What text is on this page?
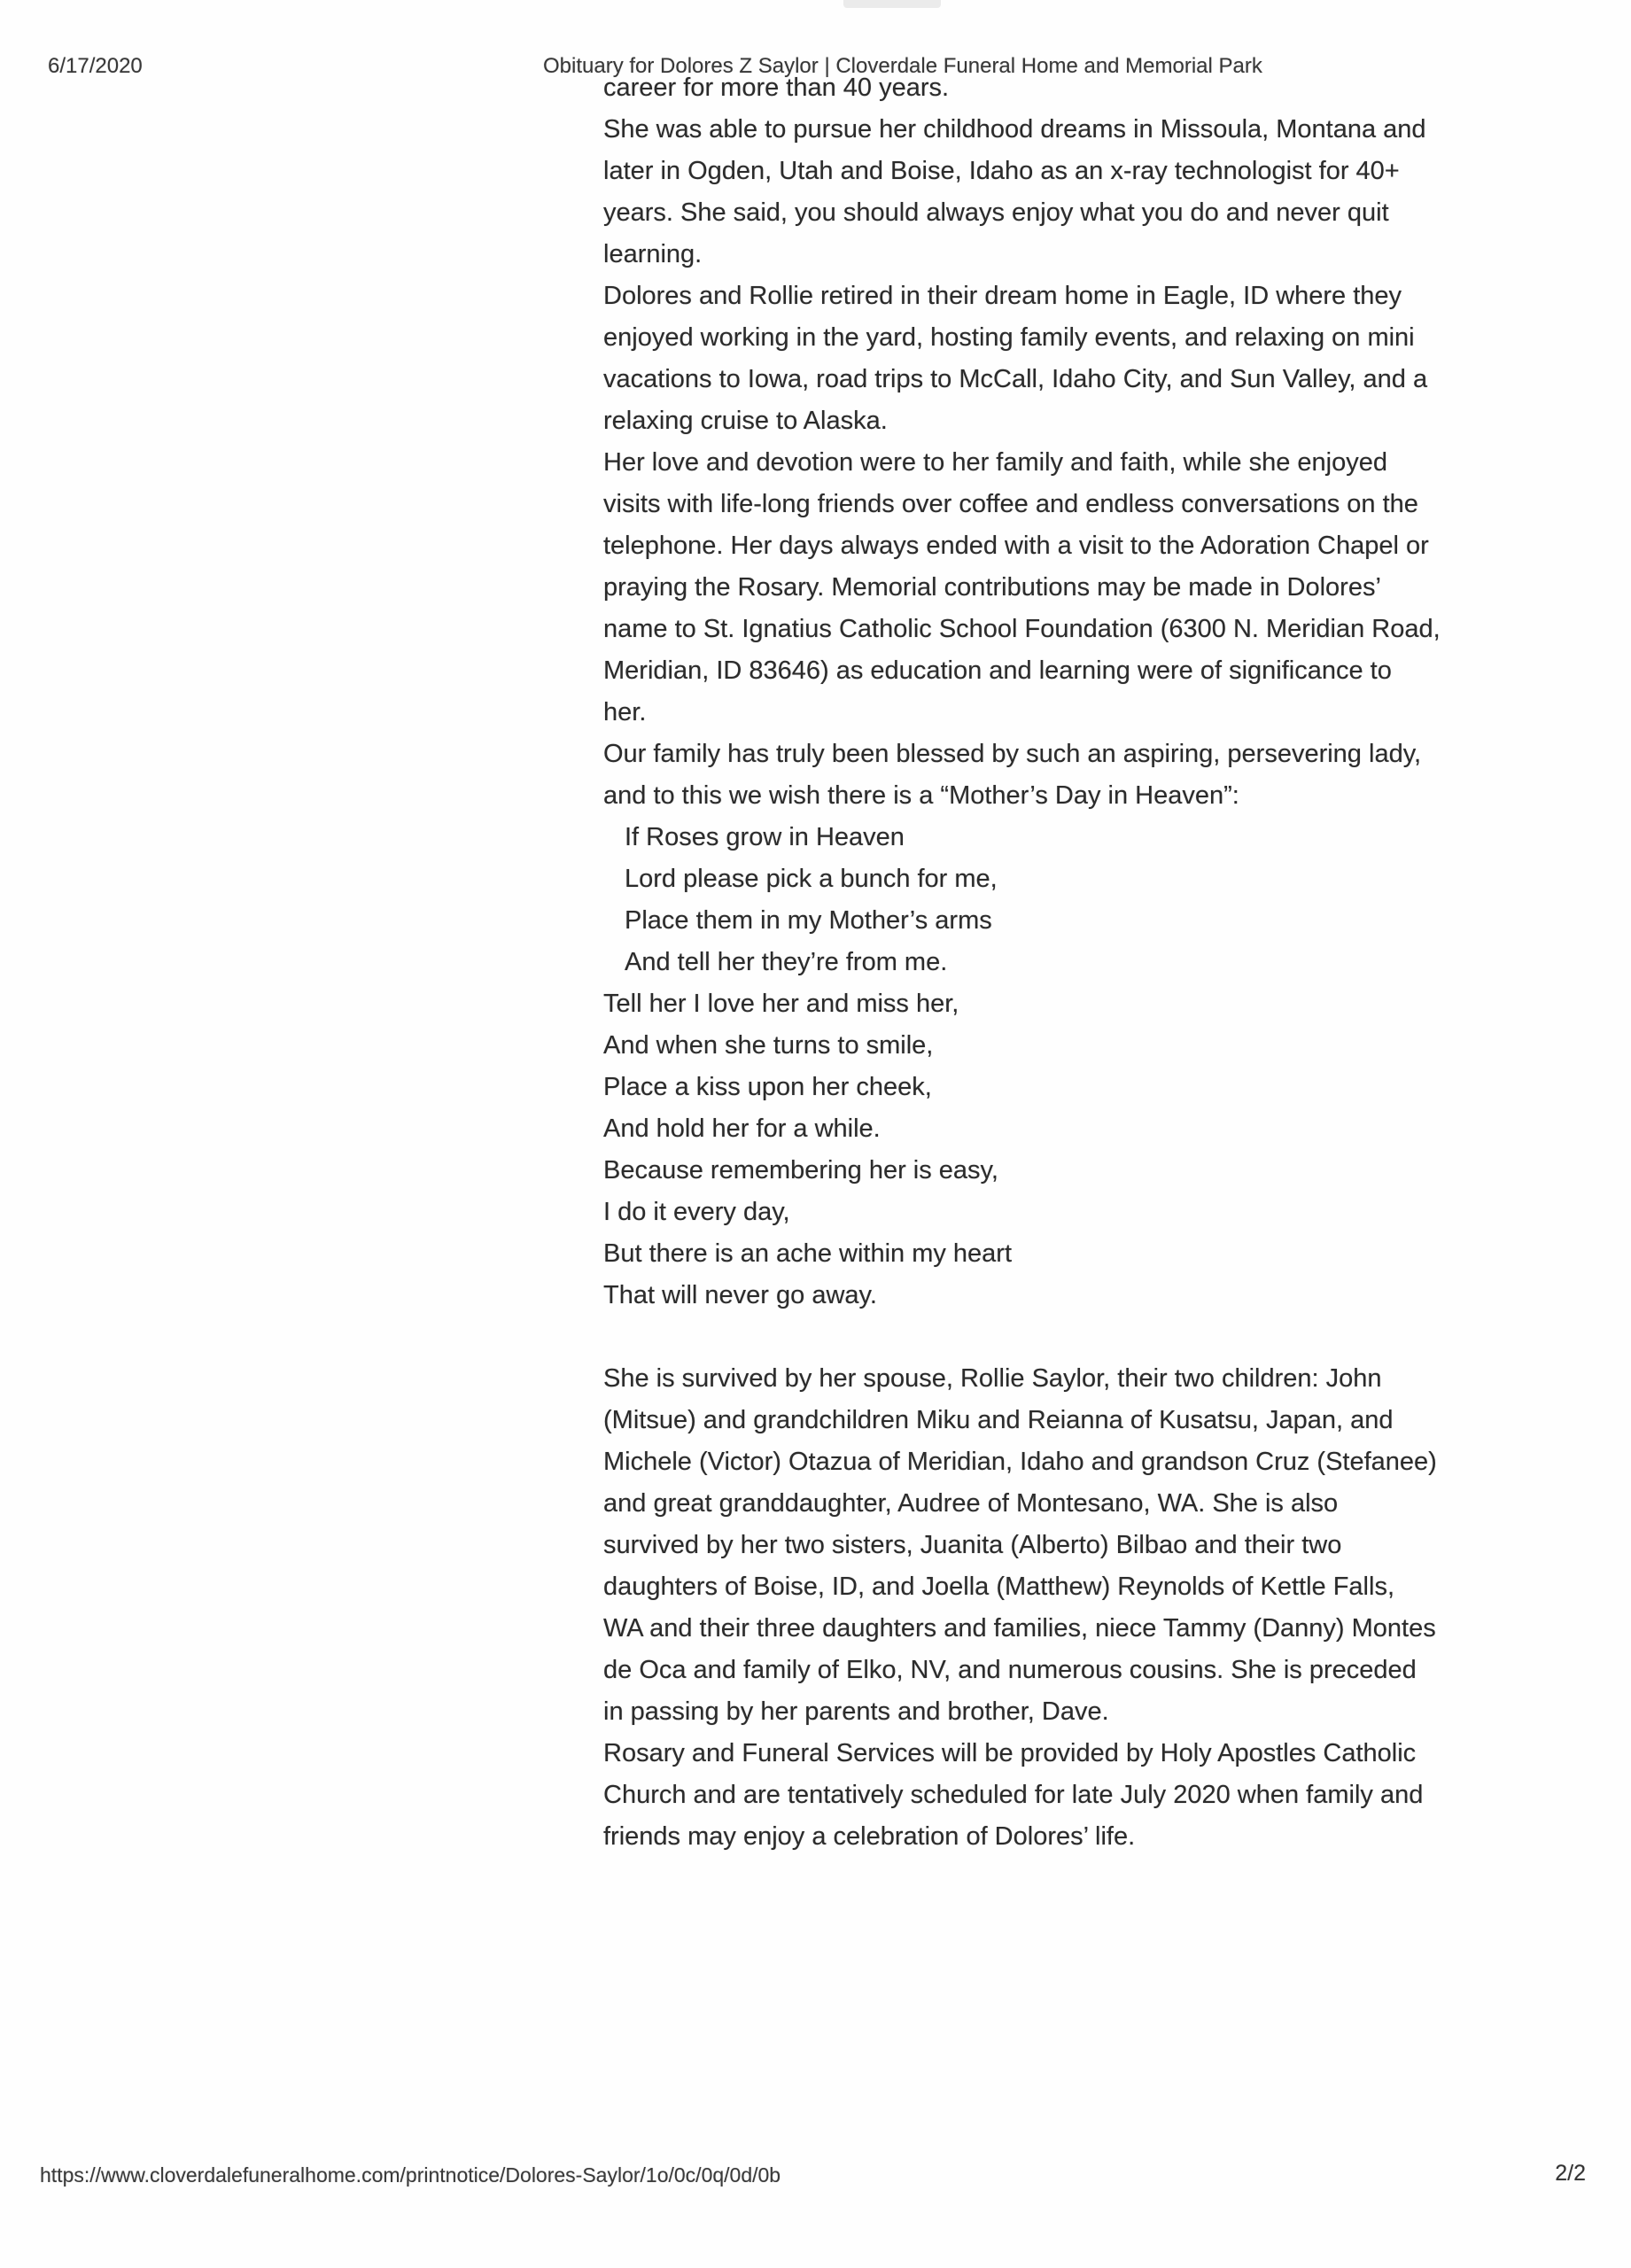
6/17/2020	Obituary for Dolores Z Saylor | Cloverdale Funeral Home and Memorial Park
career for more than 40 years.
She was able to pursue her childhood dreams in Missoula, Montana and
later in Ogden, Utah and Boise, Idaho as an x-ray technologist for 40+
years. She said, you should always enjoy what you do and never quit
learning.
Dolores and Rollie retired in their dream home in Eagle, ID where they
enjoyed working in the yard, hosting family events, and relaxing on mini
vacations to Iowa, road trips to McCall, Idaho City, and Sun Valley, and a
relaxing cruise to Alaska.
Her love and devotion were to her family and faith, while she enjoyed
visits with life-long friends over coffee and endless conversations on the
telephone. Her days always ended with a visit to the Adoration Chapel or
praying the Rosary. Memorial contributions may be made in Dolores’
name to St. Ignatius Catholic School Foundation (6300 N. Meridian Road,
Meridian, ID 83646) as education and learning were of significance to
her.
Our family has truly been blessed by such an aspiring, persevering lady,
and to this we wish there is a “Mother’s Day in Heaven”:
If Roses grow in Heaven
Lord please pick a bunch for me,
Place them in my Mother’s arms
And tell her they’re from me.
Tell her I love her and miss her,
And when she turns to smile,
Place a kiss upon her cheek,
And hold her for a while.
Because remembering her is easy,
I do it every day,
But there is an ache within my heart
That will never go away.
She is survived by her spouse, Rollie Saylor, their two children: John
(Mitsue) and grandchildren Miku and Reianna of Kusatsu, Japan, and
Michele (Victor) Otazua of Meridian, Idaho and grandson Cruz (Stefanee)
and great granddaughter, Audree of Montesano, WA. She is also
survived by her two sisters, Juanita (Alberto) Bilbao and their two
daughters of Boise, ID, and Joella (Matthew) Reynolds of Kettle Falls,
WA and their three daughters and families, niece Tammy (Danny) Montes
de Oca and family of Elko, NV, and numerous cousins. She is preceded
in passing by her parents and brother, Dave.
Rosary and Funeral Services will be provided by Holy Apostles Catholic
Church and are tentatively scheduled for late July 2020 when family and
friends may enjoy a celebration of Dolores’ life.
https://www.cloverdalefuneralhome.com/printnotice/Dolores-Saylor/1o/0c/0q/0d/0b	2/2
